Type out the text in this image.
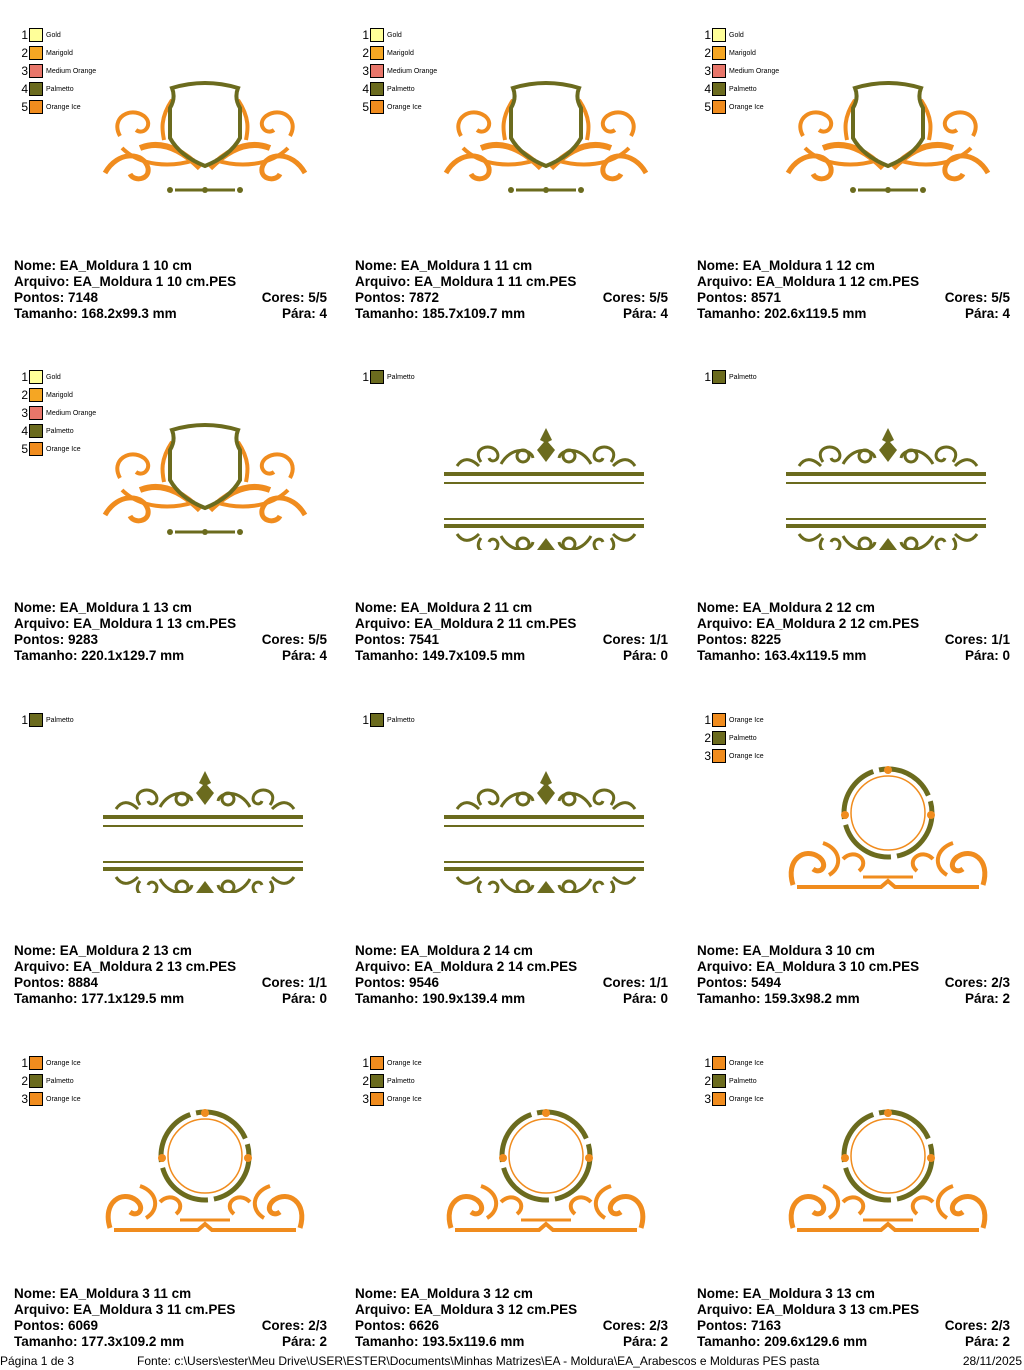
1	Gold
2	Marigold
3	Medium Orange
4	Palmetto
5	Orange Ice
Nome: EA_Moldura 1 10 cm
Arquivo: EA_Moldura 1 10 cm.PES
Pontos: 7148	Cores: 5/5
Tamanho: 168.2x99.3 mm	Pára: 4
1	Gold
2	Marigold
3	Medium Orange
4	Palmetto
5	Orange Ice
Nome: EA_Moldura 1 11 cm
Arquivo: EA_Moldura 1 11 cm.PES
Pontos: 7872	Cores: 5/5
Tamanho: 185.7x109.7 mm	Pára: 4
1	Gold
2	Marigold
3	Medium Orange
4	Palmetto
5	Orange Ice
Nome: EA_Moldura 1 12 cm
Arquivo: EA_Moldura 1 12 cm.PES
Pontos: 8571	Cores: 5/5
Tamanho: 202.6x119.5 mm	Pára: 4
1	Gold
2	Marigold
3	Medium Orange
4	Palmetto
5	Orange Ice
Nome: EA_Moldura 1 13 cm
Arquivo: EA_Moldura 1 13 cm.PES
Pontos: 9283	Cores: 5/5
Tamanho: 220.1x129.7 mm	Pára: 4
1	Palmetto
Nome: EA_Moldura 2 11 cm
Arquivo: EA_Moldura 2 11 cm.PES
Pontos: 7541	Cores: 1/1
Tamanho: 149.7x109.5 mm	Pára: 0
1	Palmetto
Nome: EA_Moldura 2 12 cm
Arquivo: EA_Moldura 2 12 cm.PES
Pontos: 8225	Cores: 1/1
Tamanho: 163.4x119.5 mm	Pára: 0
1	Palmetto
Nome: EA_Moldura 2 13 cm
Arquivo: EA_Moldura 2 13 cm.PES
Pontos: 8884	Cores: 1/1
Tamanho: 177.1x129.5 mm	Pára: 0
1	Palmetto
Nome: EA_Moldura 2 14 cm
Arquivo: EA_Moldura 2 14 cm.PES
Pontos: 9546	Cores: 1/1
Tamanho: 190.9x139.4 mm	Pára: 0
1	Orange Ice
2	Palmetto
3	Orange Ice
Nome: EA_Moldura 3 10 cm
Arquivo: EA_Moldura 3 10 cm.PES
Pontos: 5494	Cores: 2/3
Tamanho: 159.3x98.2 mm	Pára: 2
1	Orange Ice
2	Palmetto
3	Orange Ice
Nome: EA_Moldura 3 11 cm
Arquivo: EA_Moldura 3 11 cm.PES
Pontos: 6069	Cores: 2/3
Tamanho: 177.3x109.2 mm	Pára: 2
1	Orange Ice
2	Palmetto
3	Orange Ice
Nome: EA_Moldura 3 12 cm
Arquivo: EA_Moldura 3 12 cm.PES
Pontos: 6626	Cores: 2/3
Tamanho: 193.5x119.6 mm	Pára: 2
1	Orange Ice
2	Palmetto
3	Orange Ice
Nome: EA_Moldura 3 13 cm
Arquivo: EA_Moldura 3 13 cm.PES
Pontos: 7163	Cores: 2/3
Tamanho: 209.6x129.6 mm	Pára: 2
Página 1 de 3	Fonte: c:\Users\ester\Meu Drive\USER\ESTER\Documents\Minhas Matrizes\EA - Moldura\EA_Arabescos e Molduras PES pasta	28/11/2025
